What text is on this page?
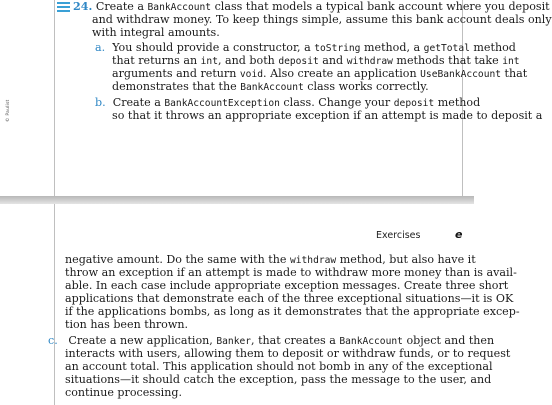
© Paulist
24. Create a BankAccount class that models a typical bank account where you deposit
and withdraw money. To keep things simple, assume this bank account deals only
with integral amounts.
a. You should provide a constructor, a toString method, a getTotal method
that returns an int, and both deposit and withdraw methods that take int
arguments and return void. Also create an application UseBankAccount that
demonstrates that the BankAccount class works correctly.
b. Create a BankAccountException class. Change your deposit method
so that it throws an appropriate exception if an attempt is made to deposit a
Exercises	e
negative amount. Do the same with the withdraw method, but also have it
throw an exception if an attempt is made to withdraw more money than is avail-
able. In each case include appropriate exception messages. Create three short
applications that demonstrate each of the three exceptional situations—it is OK
if the applications bombs, as long as it demonstrates that the appropriate excep-
tion has been thrown.
c. Create a new application, Banker, that creates a BankAccount object and then
interacts with users, allowing them to deposit or withdraw funds, or to request
an account total. This application should not bomb in any of the exceptional
situations—it should catch the exception, pass the message to the user, and
continue processing.
